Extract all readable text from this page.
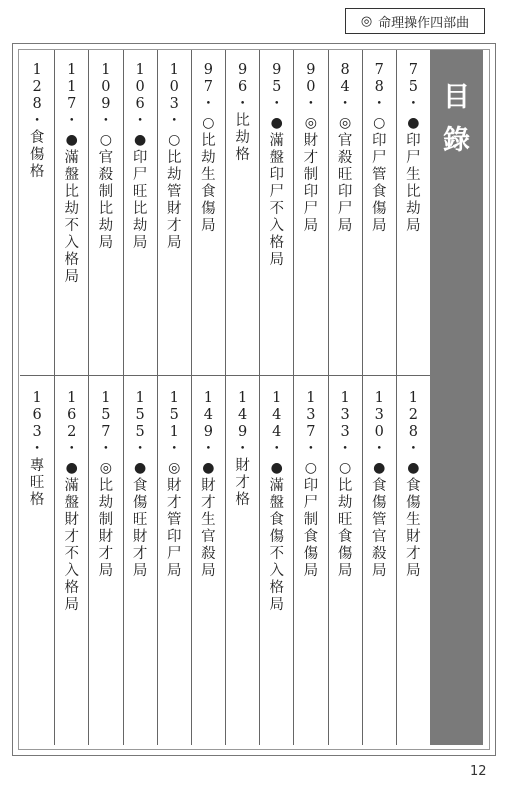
◎ 命理操作四部曲
目
錄
1
2
8
・
食
傷
格
1
6
3
・
專
旺
格
1
1
7
・
●
滿
盤
比
劫
不
入
格
局
1
6
2
・
●
滿
盤
財
才
不
入
格
局
1
0
9
・
○
官
殺
制
比
劫
局
1
5
7
・
◎
比
劫
制
財
才
局
1
0
6
・
●
印
尸
旺
比
劫
局
1
5
5
・
●
食
傷
旺
財
才
局
1
0
3
・
○
比
劫
管
財
才
局
1
5
1
・
◎
財
才
管
印
尸
局
9
7
・
○
比
劫
生
食
傷
局
1
4
9
・
●
財
才
生
官
殺
局
9
6
・
比
劫
格
1
4
9
・
財
才
格
9
5
・
●
滿
盤
印
尸
不
入
格
局
1
4
4
・
●
滿
盤
食
傷
不
入
格
局
9
0
・
◎
財
才
制
印
尸
局
1
3
7
・
○
印
尸
制
食
傷
局
8
4
・
◎
官
殺
旺
印
尸
局
1
3
3
・
○
比
劫
旺
食
傷
局
7
8
・
○
印
尸
管
食
傷
局
1
3
0
・
●
食
傷
管
官
殺
局
7
5
・
●
印
尸
生
比
劫
局
1
2
8
・
●
食
傷
生
財
才
局
12
